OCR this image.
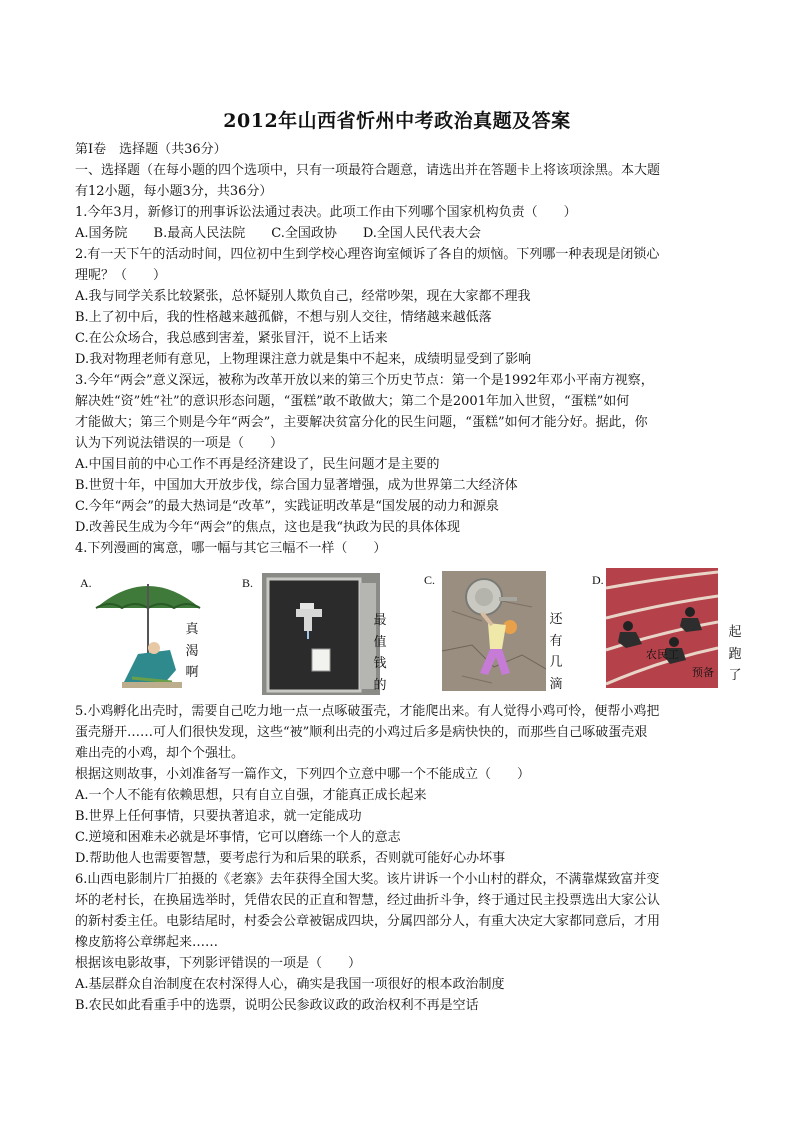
2012年山西省忻州中考政治真题及答案
第Ⅰ卷　选择题（共36分）
一、选择题（在每小题的四个选项中，只有一项最符合题意，请选出并在答题卡上将该项涂黑。本大题
有12小题，每小题3分，共36分）
1.今年3月，新修订的刑事诉讼法通过表决。此项工作由下列哪个国家机构负责（　　）
A.国务院　　B.最高人民法院　　C.全国政协　　D.全国人民代表大会
2.有一天下午的活动时间，四位初中生到学校心理咨询室倾诉了各自的烦恼。下列哪一种表现是闭锁心
理呢？（　　）
A.我与同学关系比较紧张，总怀疑别人欺负自己，经常吵架，现在大家都不理我
B.上了初中后，我的性格越来越孤僻，不想与别人交往，情绪越来越低落
C.在公众场合，我总感到害羞，紧张冒汗，说不上话来
D.我对物理老师有意见，上物理课注意力就是集中不起来，成绩明显受到了影响
3.今年“两会”意义深远，被称为改革开放以来的第三个历史节点：第一个是1992年邓小平南方视察，
解决姓“资”姓“社”的意识形态问题，“蛋糕”敢不敢做大；第二个是2001年加入世贸，“蛋糕”如何
才能做大；第三个则是今年“两会”，主要解决贫富分化的民生问题，“蛋糕”如何才能分好。据此，你
认为下列说法错误的一项是（　　）
A.中国目前的中心工作不再是经济建设了，民生问题才是主要的
B.世贸十年，中国加大开放步伐，综合国力显著增强，成为世界第二大经济体
C.今年“两会”的最大热词是“改革”，实践证明改革是“国发展的动力和源泉
D.改善民生成为今年“两会”的焦点，这也是我“执政为民的具体体现
4.下列漫画的寓意，哪一幅与其它三幅不一样（　　）
A.
真
渴
啊
B.
最
值
钱
的
C.
还
有
几
滴
D.
农民工
预备
起
跑
了
5.小鸡孵化出壳时，需要自己吃力地一点一点啄破蛋壳，才能爬出来。有人觉得小鸡可怜，便帮小鸡把
蛋壳掰开……可人们很快发现，这些“被”顺利出壳的小鸡过后多是病快快的，而那些自己啄破蛋壳艰
难出壳的小鸡，却个个强壮。
根据这则故事，小刘准备写一篇作文，下列四个立意中哪一个不能成立（　　）
A.一个人不能有依赖思想，只有自立自强，才能真正成长起来
B.世界上任何事情，只要执著追求，就一定能成功
C.逆境和困难未必就是坏事情，它可以磨练一个人的意志
D.帮助他人也需要智慧，要考虑行为和后果的联系，否则就可能好心办坏事
6.山西电影制片厂拍摄的《老寨》去年获得全国大奖。该片讲诉一个小山村的群众，不满靠煤致富并变
坏的老村长，在换届选举时，凭借农民的正直和智慧，经过曲折斗争，终于通过民主投票选出大家公认
的新村委主任。电影结尾时，村委会公章被锯成四块，分属四部分人，有重大决定大家都同意后，才用
橡皮筋将公章绑起来……
根据该电影故事，下列影评错误的一项是（　　）
A.基层群众自治制度在农村深得人心，确实是我国一项很好的根本政治制度
B.农民如此看重手中的选票，说明公民参政议政的政治权利不再是空话
